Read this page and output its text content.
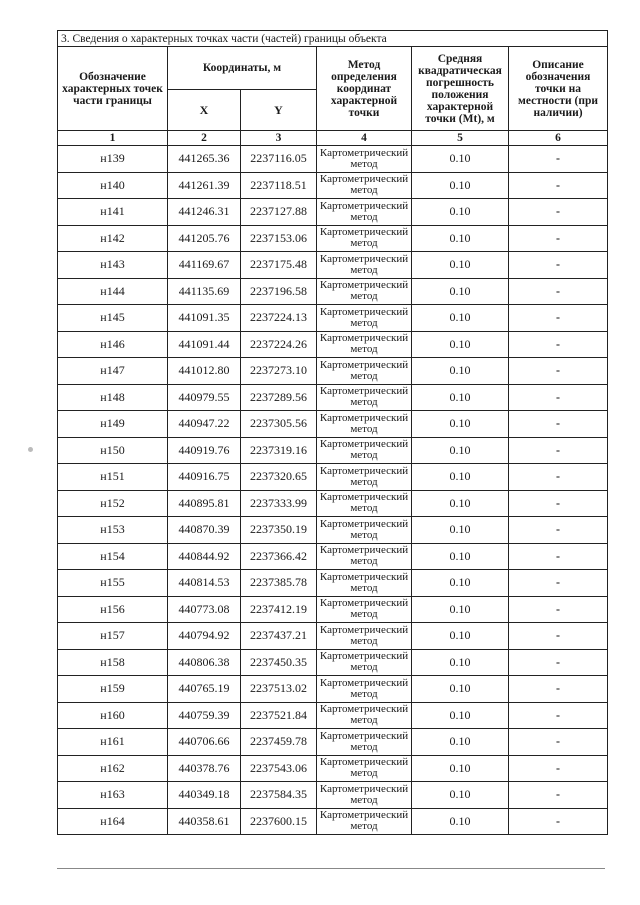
3. Сведения о характерных точках части (частей) границы объекта					
Обозначение характерных точек части границы	Координаты, м		Метод определения координат характерной точки	Средняя квадратическая погрешность положения характерной точки (Mt), м	Описание обозначения точки на местности (при наличии)
	X	Y			
1	2	3	4	5	6
н139	441265.36	2237116.05	Картометрический метод	0.10	-
н140	441261.39	2237118.51	Картометрический метод	0.10	-
н141	441246.31	2237127.88	Картометрический метод	0.10	-
н142	441205.76	2237153.06	Картометрический метод	0.10	-
н143	441169.67	2237175.48	Картометрический метод	0.10	-
н144	441135.69	2237196.58	Картометрический метод	0.10	-
н145	441091.35	2237224.13	Картометрический метод	0.10	-
н146	441091.44	2237224.26	Картометрический метод	0.10	-
н147	441012.80	2237273.10	Картометрический метод	0.10	-
н148	440979.55	2237289.56	Картометрический метод	0.10	-
н149	440947.22	2237305.56	Картометрический метод	0.10	-
н150	440919.76	2237319.16	Картометрический метод	0.10	-
н151	440916.75	2237320.65	Картометрический метод	0.10	-
н152	440895.81	2237333.99	Картометрический метод	0.10	-
н153	440870.39	2237350.19	Картометрический метод	0.10	-
н154	440844.92	2237366.42	Картометрический метод	0.10	-
н155	440814.53	2237385.78	Картометрический метод	0.10	-
н156	440773.08	2237412.19	Картометрический метод	0.10	-
н157	440794.92	2237437.21	Картометрический метод	0.10	-
н158	440806.38	2237450.35	Картометрический метод	0.10	-
н159	440765.19	2237513.02	Картометрический метод	0.10	-
н160	440759.39	2237521.84	Картометрический метод	0.10	-
н161	440706.66	2237459.78	Картометрический метод	0.10	-
н162	440378.76	2237543.06	Картометрический метод	0.10	-
н163	440349.18	2237584.35	Картометрический метод	0.10	-
н164	440358.61	2237600.15	Картометрический метод	0.10	-
